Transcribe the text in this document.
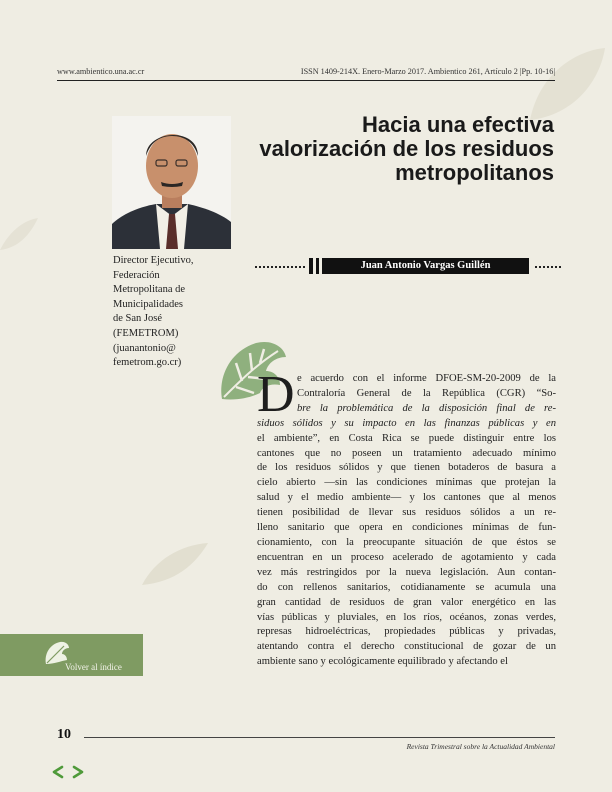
www.ambientico.una.ac.cr	ISSN 1409-214X. Enero-Marzo 2017. Ambientico 261, Artículo 2 |Pp. 10-16|
Hacia una efectiva
valorización de los residuos
metropolitanos
Juan Antonio Vargas Guillén
Director Ejecutivo,
Federación
Metropolitana de
Municipalidades
de San José
(FEMETROM)
(juanantonio@
femetrom.go.cr)
D e acuerdo con el informe DFOE-SM-20-2009 de la
Contraloría General de la República (CGR) “So-
bre la problemática de la disposición final de re-
siduos sólidos y su impacto en las finanzas públicas y en
el ambiente”, en Costa Rica se puede distinguir entre los
cantones que no poseen un tratamiento adecuado mínimo
de los residuos sólidos y que tienen botaderos de basura a
cielo abierto —sin las condiciones mínimas que protejan la
salud y el medio ambiente— y los cantones que al menos
tienen posibilidad de llevar sus residuos sólidos a un re-
lleno sanitario que opera en condiciones mínimas de fun-
cionamiento, con la preocupante situación de que éstos se
encuentran en un proceso acelerado de agotamiento y cada
vez más restringidos por la nueva legislación. Aun contan-
do con rellenos sanitarios, cotidianamente se acumula una
gran cantidad de residuos de gran valor energético en las
vías públicas y pluviales, en los ríos, océanos, zonas verdes,
represas hidroeléctricas, propiedades públicas y privadas,
atentando contra el derecho constitucional de gozar de un
ambiente sano y ecológicamente equilibrado y afectando el
Volver al índice
10
Revista Trimestral sobre la Actualidad Ambiental
